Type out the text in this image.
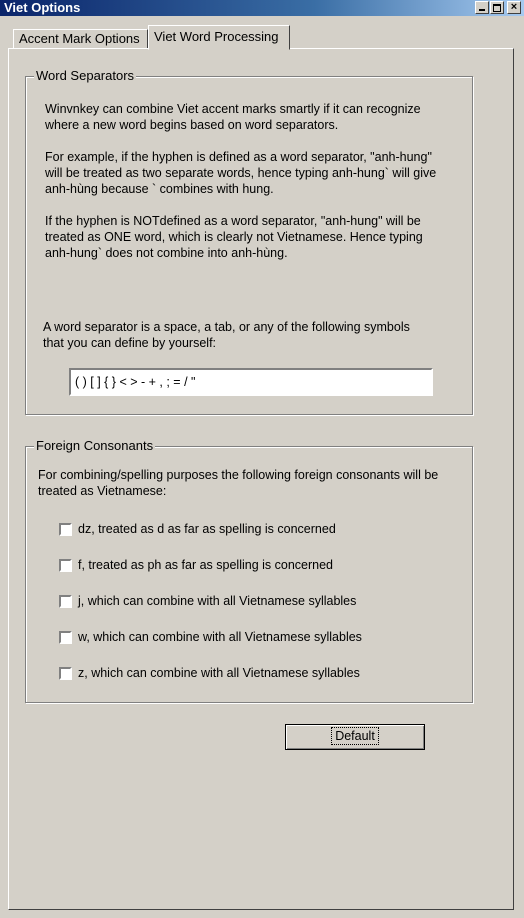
Viet Options
×
Accent Mark Options	Viet Word Processing
Word Separators
Winvnkey can combine Viet accent marks smartly if it can recognize
where a new word begins based on word separators.
For example, if the hyphen is defined as a word separator, "anh-hung"
will be treated as two separate words, hence typing anh-hung` will give
anh-hùng because ` combines with hung.
If the hyphen is NOTdefined as a word separator, "anh-hung" will be
treated as ONE word, which is clearly not Vietnamese. Hence typing
anh-hung` does not combine into anh-hùng.
A word separator is a space, a tab, or any of the following symbols
that you can define by yourself:
( ) [ ] { } < > - + , ; = / "
Foreign Consonants
For combining/spelling purposes the following foreign consonants will be
treated as Vietnamese:
dz, treated as d as far as spelling is concerned
f, treated as ph as far as spelling is concerned
j, which can combine with all Vietnamese syllables
w, which can combine with all Vietnamese syllables
z, which can combine with all Vietnamese syllables
Default
